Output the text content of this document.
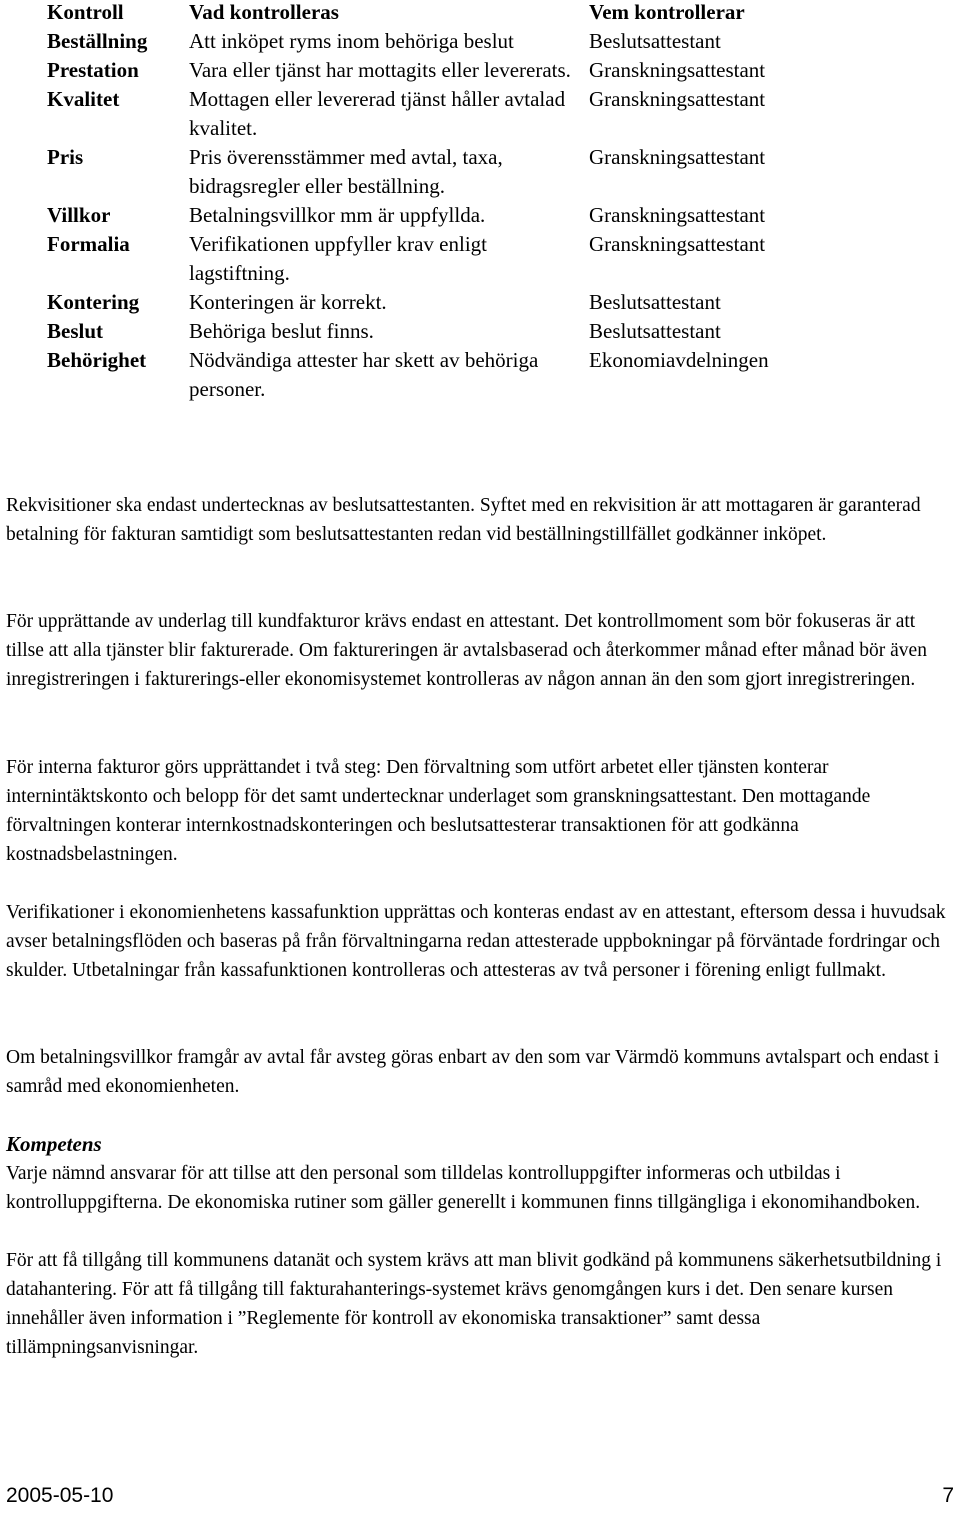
Kontroll	Vad kontrolleras	Vem kontrollerar
Beställning	Att inköpet ryms inom behöriga beslut	Beslutsattestant
Prestation	Vara eller tjänst har mottagits eller levererats.	Granskningsattestant
Kvalitet	Mottagen eller levererad tjänst håller avtalad kvalitet.	Granskningsattestant
Pris	Pris överensstämmer med avtal, taxa, bidragsregler eller beställning.	Granskningsattestant
Villkor	Betalningsvillkor mm är uppfyllda.	Granskningsattestant
Formalia	Verifikationen uppfyller krav enligt lagstiftning.	Granskningsattestant
Kontering	Konteringen är korrekt.	Beslutsattestant
Beslut	Behöriga beslut finns.	Beslutsattestant
Behörighet	Nödvändiga attester har skett av behöriga personer.	Ekonomiavdelningen

Rekvisitioner ska endast undertecknas av beslutsattestanten. Syftet med en rekvisition är att mottagaren är garanterad betalning för fakturan samtidigt som beslutsattestanten redan vid beställningstillfället godkänner inköpet.

För upprättande av underlag till kundfakturor krävs endast en attestant. Det kontrollmoment som bör fokuseras är att tillse att alla tjänster blir fakturerade. Om faktureringen är avtalsbaserad och återkommer månad efter månad bör även inregistreringen i fakturerings-eller ekonomisystemet kontrolleras av någon annan än den som gjort inregistreringen.

För interna fakturor görs upprättandet i två steg: Den förvaltning som utfört arbetet eller tjänsten konterar internintäktskonto och belopp för det samt undertecknar underlaget som granskningsattestant. Den mottagande förvaltningen konterar internkostnadskonteringen och beslutsattesterar transaktionen för att godkänna kostnadsbelastningen.

Verifikationer i ekonomienhetens kassafunktion upprättas och konteras endast av en attestant, eftersom dessa i huvudsak avser betalningsflöden och baseras på från förvaltningarna redan attesterade uppbokningar på förväntade fordringar och skulder. Utbetalningar från kassafunktionen kontrolleras och attesteras av två personer i förening enligt fullmakt.

Om betalningsvillkor framgår av avtal får avsteg göras enbart av den som var Värmdö kommuns avtalspart och endast i samråd med ekonomienheten.

Kompetens

Varje nämnd ansvarar för att tillse att den personal som tilldelas kontrolluppgifter informeras och utbildas i kontrolluppgifterna. De ekonomiska rutiner som gäller generellt i kommunen finns tillgängliga i ekonomihandboken.

För att få tillgång till kommunens datanät och system krävs att man blivit godkänd på kommunens säkerhetsutbildning i datahantering. För att få tillgång till fakturahanterings-systemet krävs genomgången kurs i det. Den senare kursen innehåller även information i ”Reglemente för kontroll av ekonomiska transaktioner” samt dessa tillämpningsanvisningar.

2005-05-10	7
